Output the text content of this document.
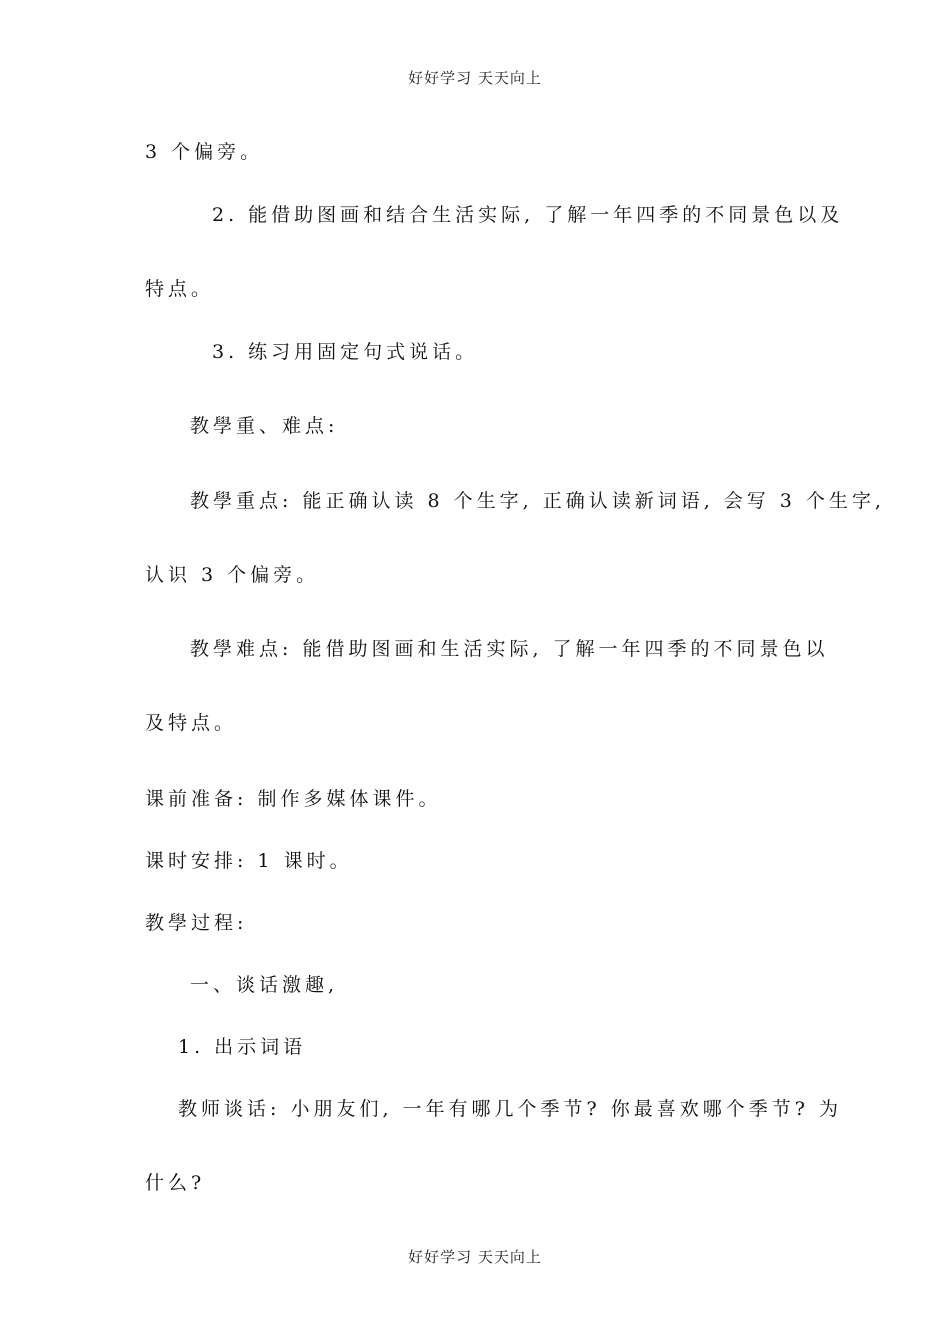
好好学习 天天向上
3 个偏旁。
2. 能借助图画和结合生活实际, 了解一年四季的不同景色以及
特点。
3. 练习用固定句式说话。
教學重、难点:
教學重点: 能正确认读 8 个生字, 正确认读新词语, 会写 3 个生字,
认识 3 个偏旁。
教學难点: 能借助图画和生活实际, 了解一年四季的不同景色以
及特点。
课前准备: 制作多媒体课件。
课时安排: 1 课时。
教學过程:
一、谈话激趣,
1. 出示词语
教师谈话: 小朋友们, 一年有哪几个季节? 你最喜欢哪个季节? 为
什么?
好好学习 天天向上
